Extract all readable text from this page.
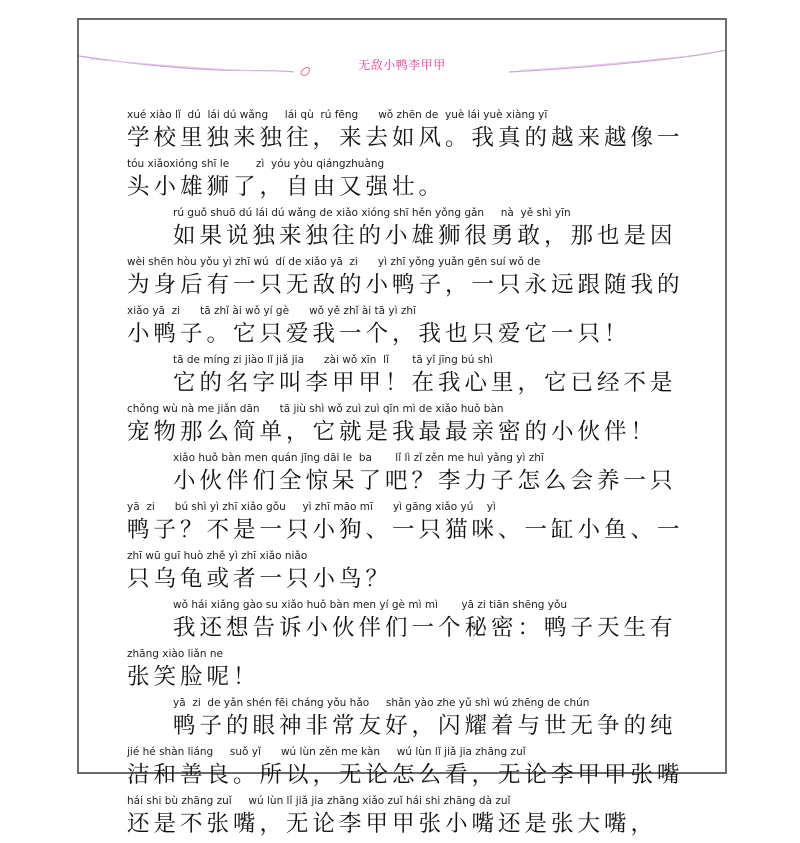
无敌小鸭李甲甲
xué xiào lǐ  dú  lái dú wǎng     lái qù  rú fēng      wǒ zhēn de  yuè lái yuè xiàng yī
学校里独来独往，来去如风。我真的越来越像一
tóu xiǎoxióng shī le        zì  yóu yòu qiángzhuàng
头小雄狮了，自由又强壮。
rú guǒ shuō dú lái dú wǎng de xiǎo xióng shī hěn yǒng gǎn     nà  yě shì yīn
如果说独来独往的小雄狮很勇敢，那也是因
wèi shēn hòu yǒu yì zhī wú  dí de xiǎo yā  zi      yì zhī yǒng yuǎn gēn suí wǒ de
为身后有一只无敌的小鸭子，一只永远跟随我的
xiǎo yā  zi      tā zhǐ ài wǒ yí gè      wǒ yě zhǐ ài tā yì zhī
小鸭子。它只爱我一个，我也只爱它一只！
tā de míng zi jiào lǐ jiǎ jia      zài wǒ xīn  lǐ       tā yǐ jīng bú shì
它的名字叫李甲甲！在我心里，它已经不是
chǒng wù nà me jiǎn dān      tā jiù shì wǒ zuì zuì qīn mì de xiǎo huǒ bàn
宠物那么简单，它就是我最最亲密的小伙伴！
xiǎo huǒ bàn men quán jīng dāi le  ba       lǐ lì zǐ zěn me huì yǎng yì zhī
小伙伴们全惊呆了吧？李力子怎么会养一只
yā  zi      bú shì yì zhī xiǎo gǒu     yì zhī māo mī      yì gāng xiǎo yú    yì
鸭子？不是一只小狗、一只猫咪、一缸小鱼、一
zhī wū guī huò zhě yì zhī xiǎo niǎo
只乌龟或者一只小鸟？
wǒ hái xiǎng gào su xiǎo huǒ bàn men yí gè mì mì       yā zi tiān shēng yǒu
我还想告诉小伙伴们一个秘密：鸭子天生有
zhāng xiào liǎn ne
张笑脸呢！
yā  zi  de yǎn shén fēi cháng yǒu hǎo     shǎn yào zhe yǔ shì wú zhēng de chún
鸭子的眼神非常友好，闪耀着与世无争的纯
jié hé shàn liáng     suǒ yǐ      wú lùn zěn me kàn     wú lùn lǐ jiǎ jia zhāng zuǐ
洁和善良。所以，无论怎么看，无论李甲甲张嘴
hái shi bù zhāng zuǐ     wú lùn lǐ jiǎ jia zhāng xiǎo zuǐ hái shi zhāng dà zuǐ
还是不张嘴，无论李甲甲张小嘴还是张大嘴，
